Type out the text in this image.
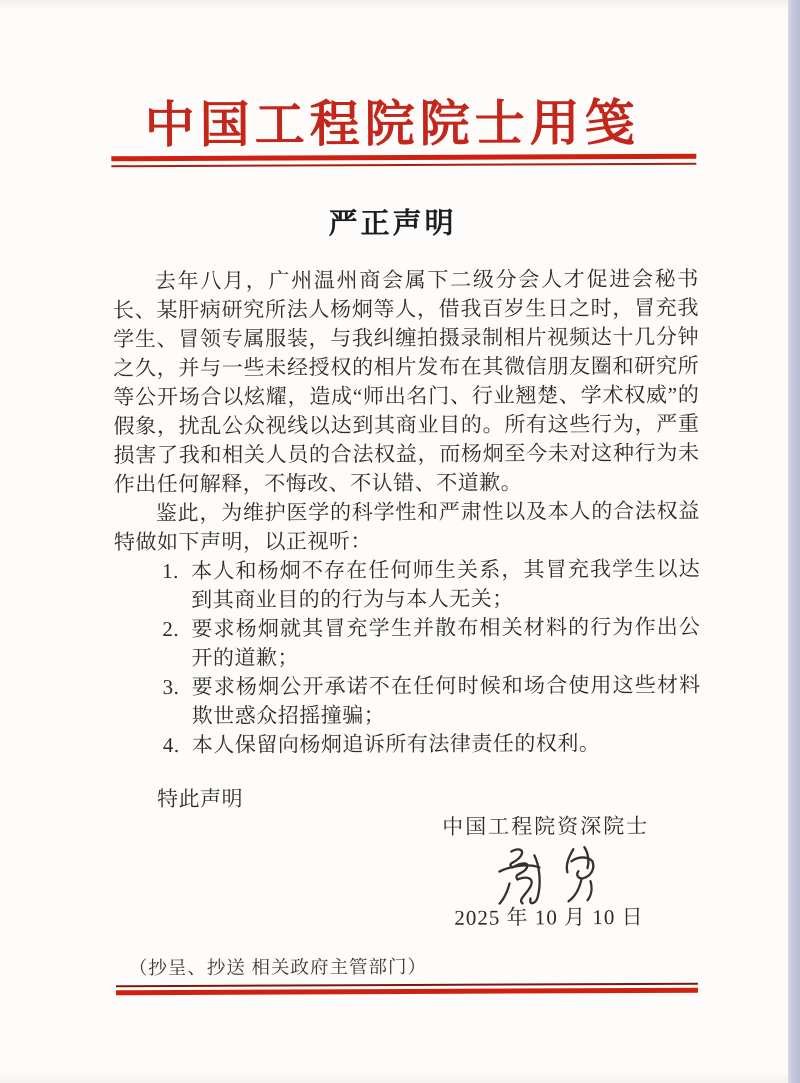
中国工程院院士用笺
严正声明

去年八月，广州温州商会属下二级分会人才促进会秘书长、某肝病研究所法人杨炯等人，借我百岁生日之时，冒充我学生、冒领专属服装，与我纠缠拍摄录制相片视频达十几分钟之久，并与一些未经授权的相片发布在其微信朋友圈和研究所等公开场合以炫耀，造成“师出名门、行业翘楚、学术权威”的假象，扰乱公众视线以达到其商业目的。所有这些行为，严重损害了我和相关人员的合法权益，而杨炯至今未对这种行为未作出任何解释，不悔改、不认错、不道歉。

鉴此，为维护医学的科学性和严肃性以及本人的合法权益特做如下声明，以正视听：

1. 本人和杨炯不存在任何师生关系，其冒充我学生以达到其商业目的的行为与本人无关；
2. 要求杨炯就其冒充学生并散布相关材料的行为作出公开的道歉；
3. 要求杨炯公开承诺不在任何时候和场合使用这些材料欺世惑众招摇撞骗；
4. 本人保留向杨炯追诉所有法律责任的权利。

特此声明

中国工程院资深院士

2025 年 10 月 10 日

（抄呈、抄送 相关政府主管部门）
